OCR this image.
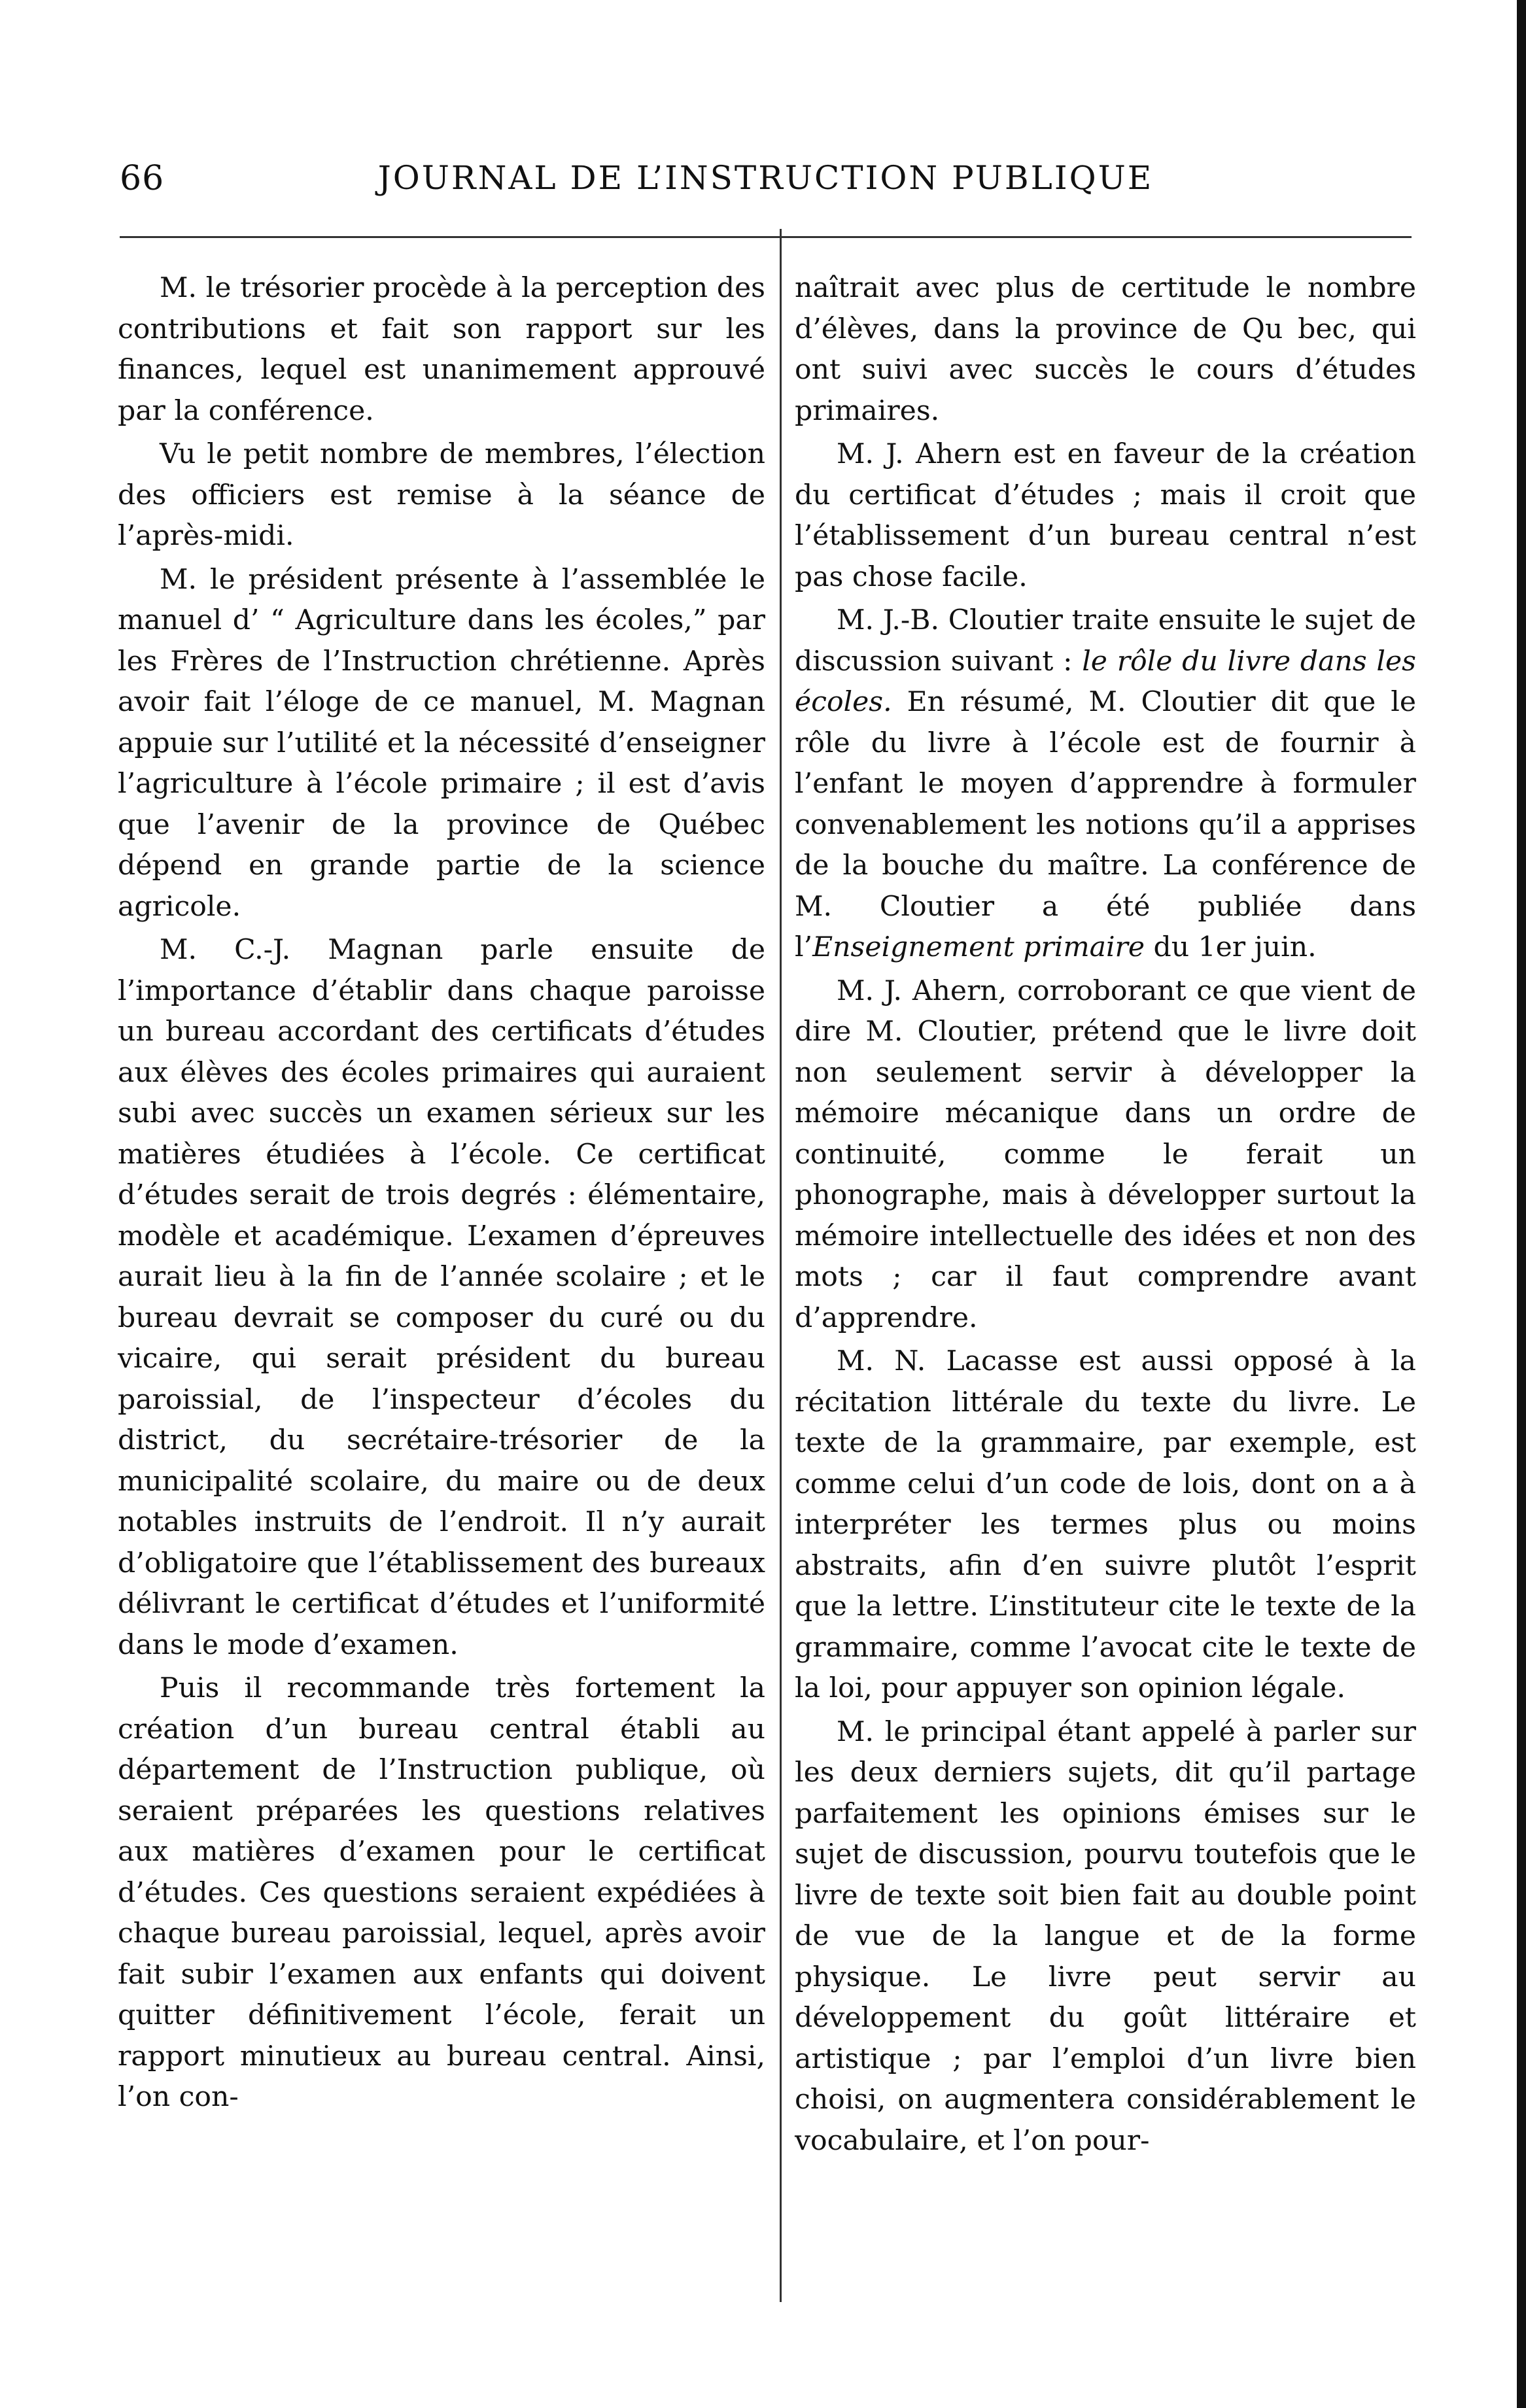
66	JOURNAL DE L’INSTRUCTION PUBLIQUE

M. le trésorier procède à la perception des contributions et fait son rapport sur les finances, lequel est unanimement approuvé par la conférence.

Vu le petit nombre de membres, l’élection des officiers est remise à la séance de l’après-midi.

M. le président présente à l’assemblée le manuel d’ “ Agriculture dans les écoles,” par les Frères de l’Instruction chrétienne. Après avoir fait l’éloge de ce manuel, M. Magnan appuie sur l’utilité et la nécessité d’enseigner l’agriculture à l’école primaire ; il est d’avis que l’avenir de la province de Québec dépend en grande partie de la science agricole.

M. C.-J. Magnan parle ensuite de l’importance d’établir dans chaque paroisse un bureau accordant des certificats d’études aux élèves des écoles primaires qui auraient subi avec succès un examen sérieux sur les matières étudiées à l’école. Ce certificat d’études serait de trois degrés : élémentaire, modèle et académique. L’examen d’épreuves aurait lieu à la fin de l’année scolaire ; et le bureau devrait se composer du curé ou du vicaire, qui serait président du bureau paroissial, de l’inspecteur d’écoles du district, du secrétaire-trésorier de la municipalité scolaire, du maire ou de deux notables instruits de l’endroit. Il n’y aurait d’obligatoire que l’établissement des bureaux délivrant le certificat d’études et l’uniformité dans le mode d’examen.

Puis il recommande très fortement la création d’un bureau central établi au département de l’Instruction publique, où seraient préparées les questions relatives aux matières d’examen pour le certificat d’études. Ces questions seraient expédiées à chaque bureau paroissial, lequel, après avoir fait subir l’examen aux enfants qui doivent quitter définitivement l’école, ferait un rapport minutieux au bureau central. Ainsi, l’on con-

naîtrait avec plus de certitude le nombre d’élèves, dans la province de Qu bec, qui ont suivi avec succès le cours d’études primaires.

M. J. Ahern est en faveur de la création du certificat d’études ; mais il croit que l’établissement d’un bureau central n’est pas chose facile.

M. J.-B. Cloutier traite ensuite le sujet de discussion suivant : le rôle du livre dans les écoles. En résumé, M. Cloutier dit que le rôle du livre à l’école est de fournir à l’enfant le moyen d’apprendre à formuler convenablement les notions qu’il a apprises de la bouche du maître. La conférence de M. Cloutier a été publiée dans l’Enseignement primaire du 1er juin.

M. J. Ahern, corroborant ce que vient de dire M. Cloutier, prétend que le livre doit non seulement servir à développer la mémoire mécanique dans un ordre de continuité, comme le ferait un phonographe, mais à développer surtout la mémoire intellectuelle des idées et non des mots ; car il faut comprendre avant d’apprendre.

M. N. Lacasse est aussi opposé à la récitation littérale du texte du livre. Le texte de la grammaire, par exemple, est comme celui d’un code de lois, dont on a à interpréter les termes plus ou moins abstraits, afin d’en suivre plutôt l’esprit que la lettre. L’instituteur cite le texte de la grammaire, comme l’avocat cite le texte de la loi, pour appuyer son opinion légale.

M. le principal étant appelé à parler sur les deux derniers sujets, dit qu’il partage parfaitement les opinions émises sur le sujet de discussion, pourvu toutefois que le livre de texte soit bien fait au double point de vue de la langue et de la forme physique. Le livre peut servir au développement du goût littéraire et artistique ; par l’emploi d’un livre bien choisi, on augmentera considérablement le vocabulaire, et l’on pour-
